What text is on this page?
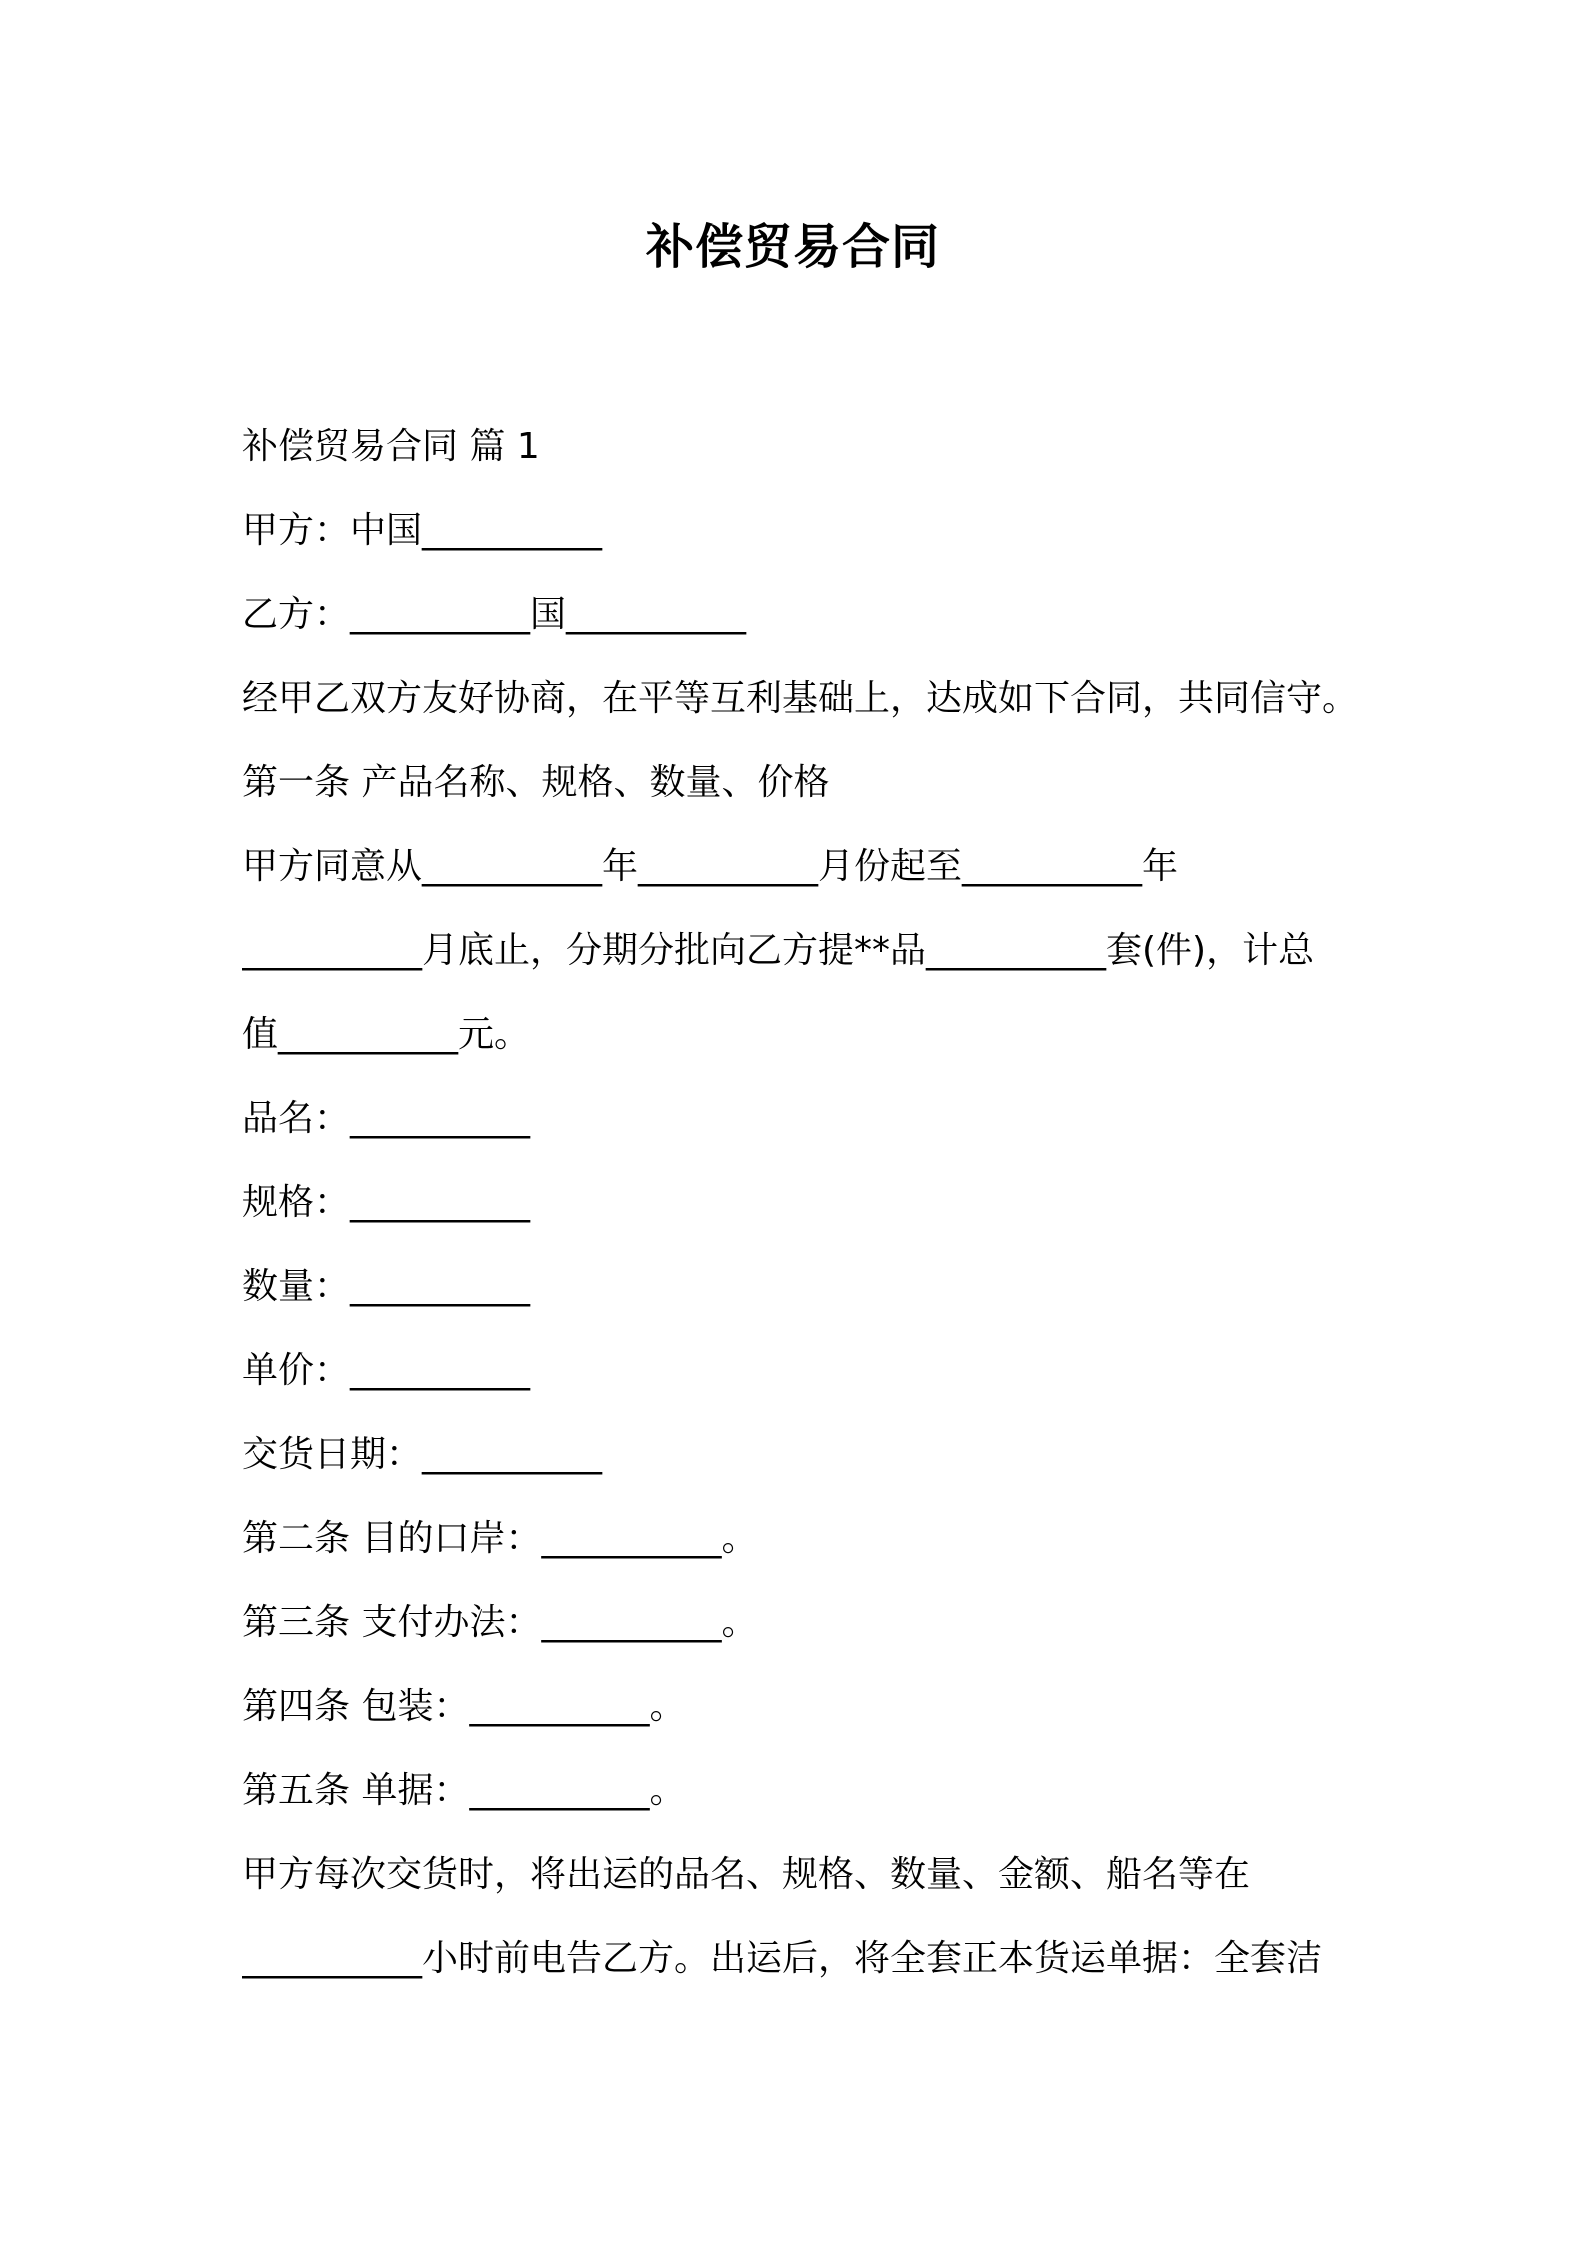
补偿贸易合同
补偿贸易合同 篇 1
甲方：中国__________
乙方：__________国__________
经甲乙双方友好协商，在平等互利基础上，达成如下合同，共同信守。
第一条 产品名称、规格、数量、价格
甲方同意从__________年__________月份起至__________年
__________月底止，分期分批向乙方提**品__________套(件)，计总
值__________元。
品名：__________
规格：__________
数量：__________
单价：__________
交货日期：__________
第二条 目的口岸：__________。
第三条 支付办法：__________。
第四条 包装：__________。
第五条 单据：__________。
甲方每次交货时，将出运的品名、规格、数量、金额、船名等在
__________小时前电告乙方。出运后，将全套正本货运单据：全套洁
